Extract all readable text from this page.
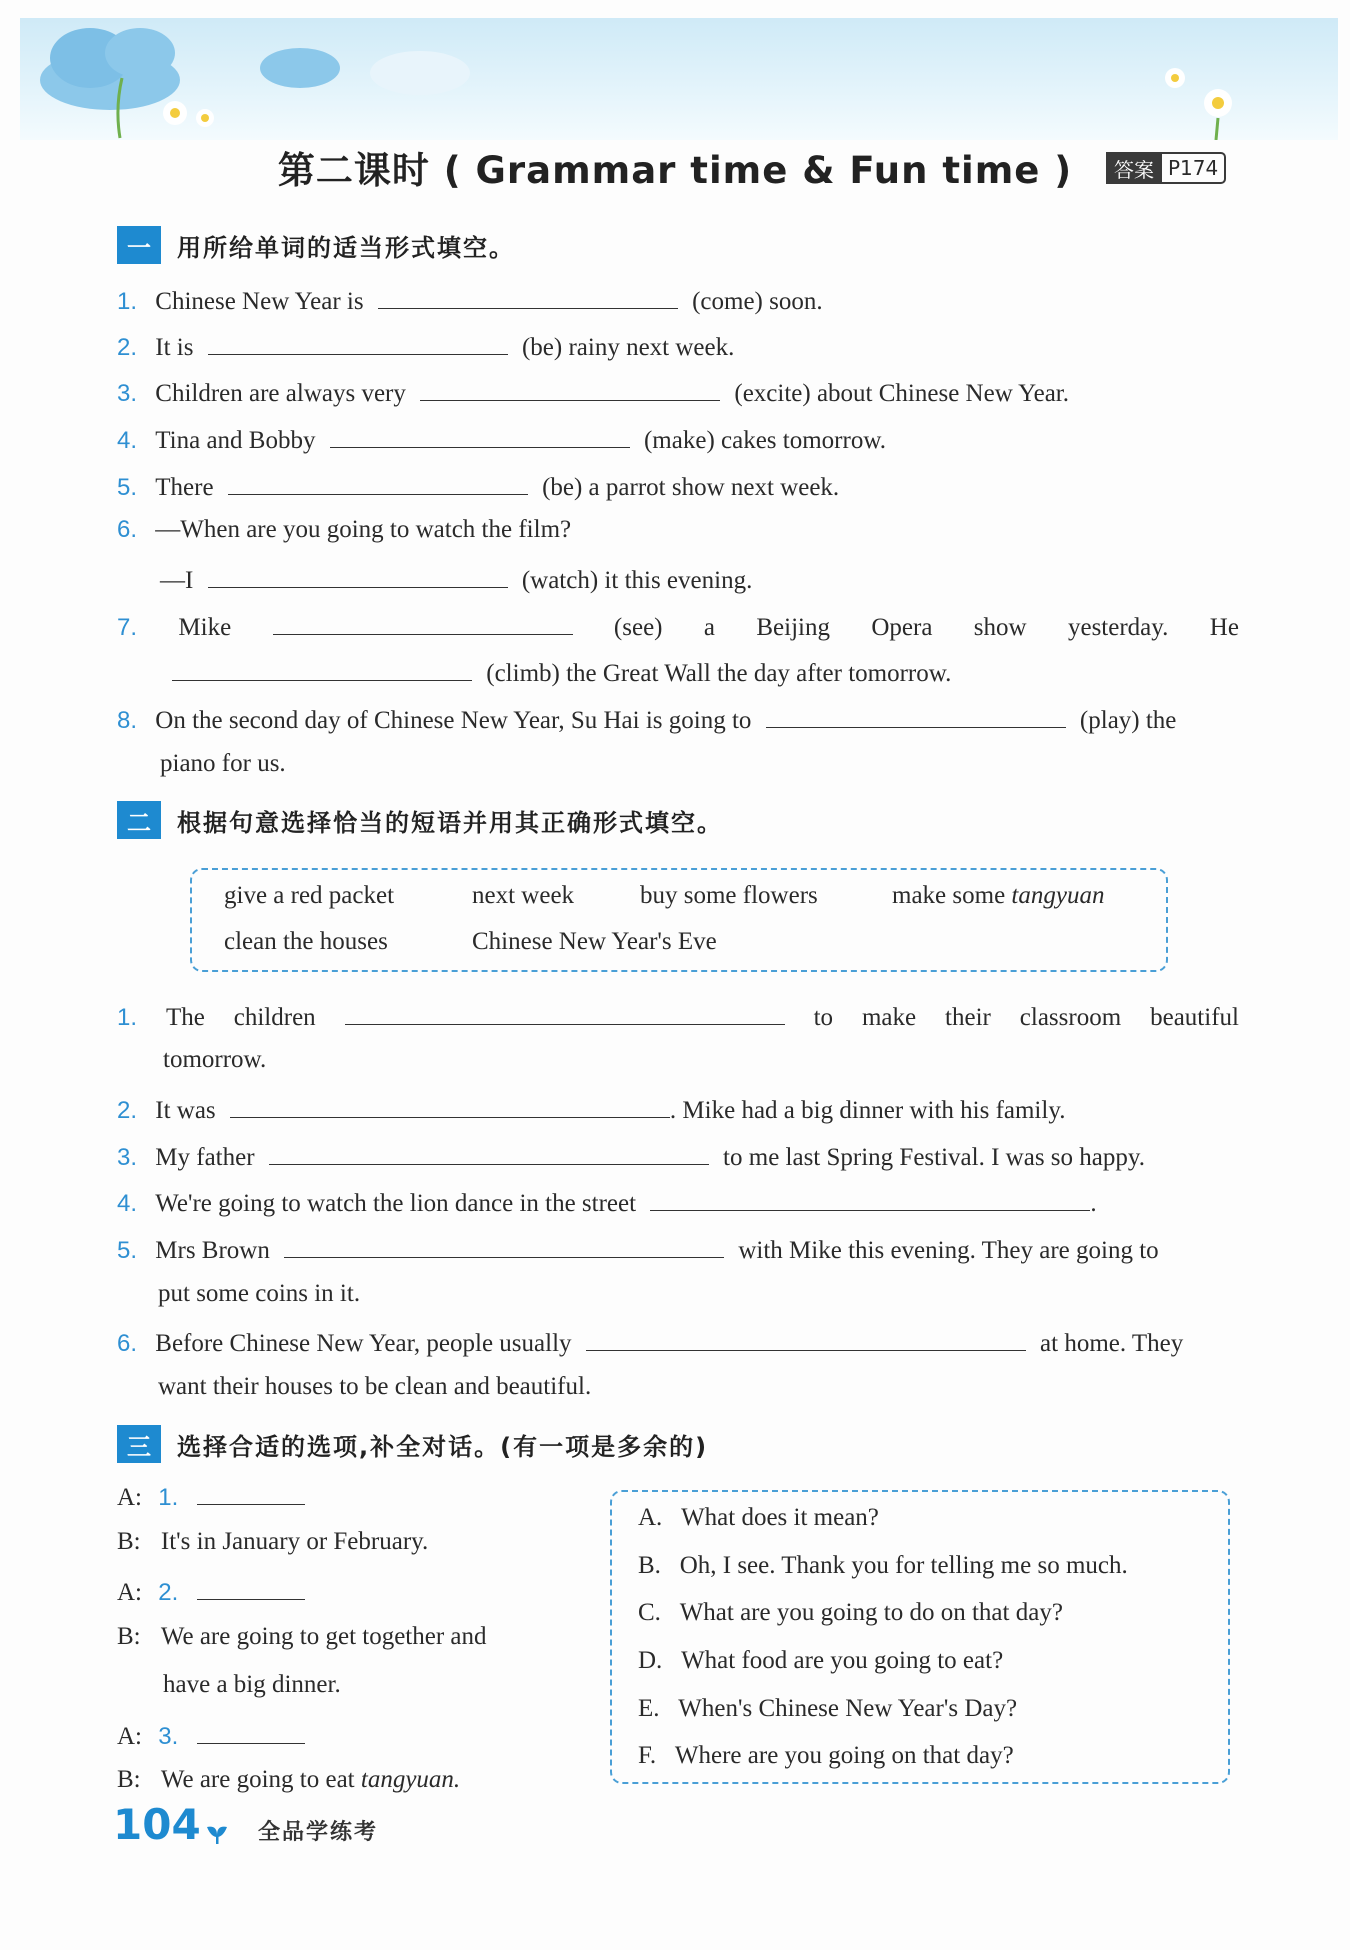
第二课时 ( Grammar time & Fun time )	答案 P174
一	用所给单词的适当形式填空。
1. Chinese New Year is	(come) soon.
2. It is	(be) rainy next week.
3. Children are always very	(excite) about Chinese New Year.
4. Tina and Bobby	(make) cakes tomorrow.
5. There	(be) a parrot show next week.
6. —When are you going to watch the film?
—I	(watch) it this evening.
7. Mike	(see) a Beijing Opera show yesterday. He
(climb) the Great Wall the day after tomorrow.
8. On the second day of Chinese New Year, Su Hai is going to	(play) the
piano for us.
二	根据句意选择恰当的短语并用其正确形式填空。
give a red packet	next week	buy some flowers	make some tangyuan
clean the houses	Chinese New Year's Eve
1. The children	to make their classroom beautiful
tomorrow.
2. It was	. Mike had a big dinner with his family.
3. My father	to me last Spring Festival. I was so happy.
4. We're going to watch the lion dance in the street	.
5. Mrs Brown	with Mike this evening. They are going to
put some coins in it.
6. Before Chinese New Year, people usually	at home. They
want their houses to be clean and beautiful.
三	选择合适的选项,补全对话。(有一项是多余的)
A: 1.
B: It's in January or February.
A: 2.
B: We are going to get together and
have a big dinner.
A: 3.
B: We are going to eat tangyuan.
A. What does it mean?
B. Oh, I see. Thank you for telling me so much.
C. What are you going to do on that day?
D. What food are you going to eat?
E. When's Chinese New Year's Day?
F. Where are you going on that day?
104	全品学练考
